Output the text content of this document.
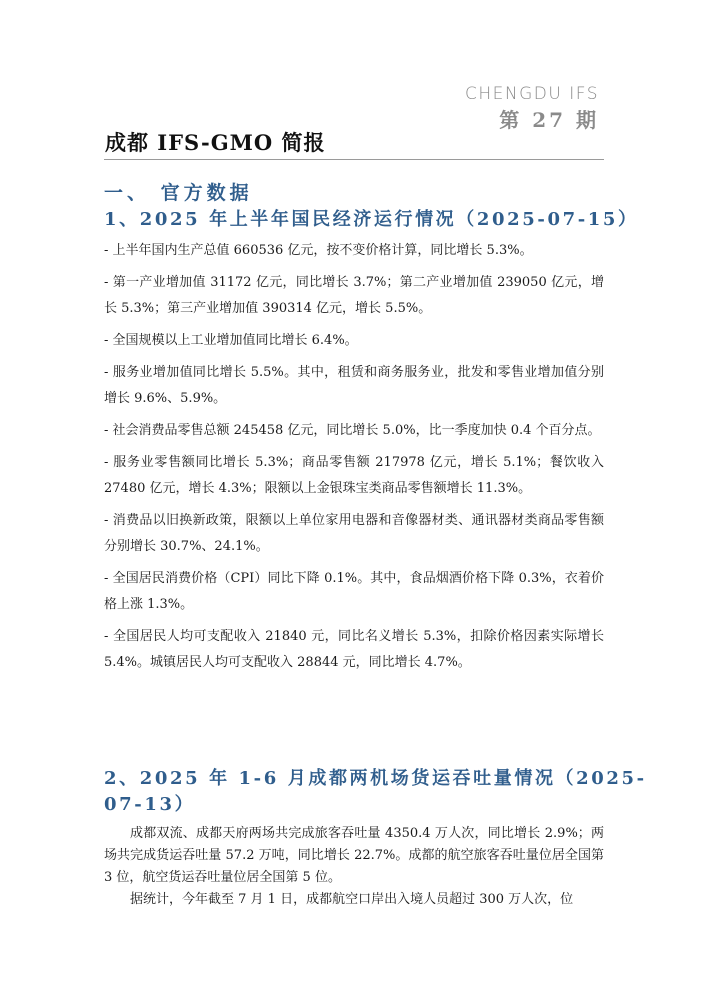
CHENGDU IFS
第 27 期
成都 IFS-GMO 简报
一、 官方数据
1、2025 年上半年国民经济运行情况（2025-07-15）

- 上半年国内生产总值 660536 亿元，按不变价格计算，同比增长 5.3%。

- 第一产业增加值 31172 亿元，同比增长 3.7%；第二产业增加值 239050 亿元，增长 5.3%；第三产业增加值 390314 亿元，增长 5.5%。

- 全国规模以上工业增加值同比增长 6.4%。

- 服务业增加值同比增长 5.5%。其中，租赁和商务服务业，批发和零售业增加值分别增长 9.6%、5.9%。

- 社会消费品零售总额 245458 亿元，同比增长 5.0%，比一季度加快 0.4 个百分点。

- 服务业零售额同比增长 5.3%；商品零售额 217978 亿元，增长 5.1%；餐饮收入 27480 亿元，增长 4.3%；限额以上金银珠宝类商品零售额增长 11.3%。

- 消费品以旧换新政策，限额以上单位家用电器和音像器材类、通讯器材类商品零售额分别增长 30.7%、24.1%。

- 全国居民消费价格（CPI）同比下降 0.1%。其中，食品烟酒价格下降 0.3%，衣着价格上涨 1.3%。

- 全国居民人均可支配收入 21840 元，同比名义增长 5.3%，扣除价格因素实际增长 5.4%。城镇居民人均可支配收入 28844 元，同比增长 4.7%。

2、2025 年 1-6 月成都两机场货运吞吐量情况（2025-
07-13）

成都双流、成都天府两场共完成旅客吞吐量 4350.4 万人次，同比增长 2.9%；两场共完成货运吞吐量 57.2 万吨，同比增长 22.7%。成都的航空旅客吞吐量位居全国第 3 位，航空货运吞吐量位居全国第 5 位。

据统计，今年截至 7 月 1 日，成都航空口岸出入境人员超过 300 万人次，位
